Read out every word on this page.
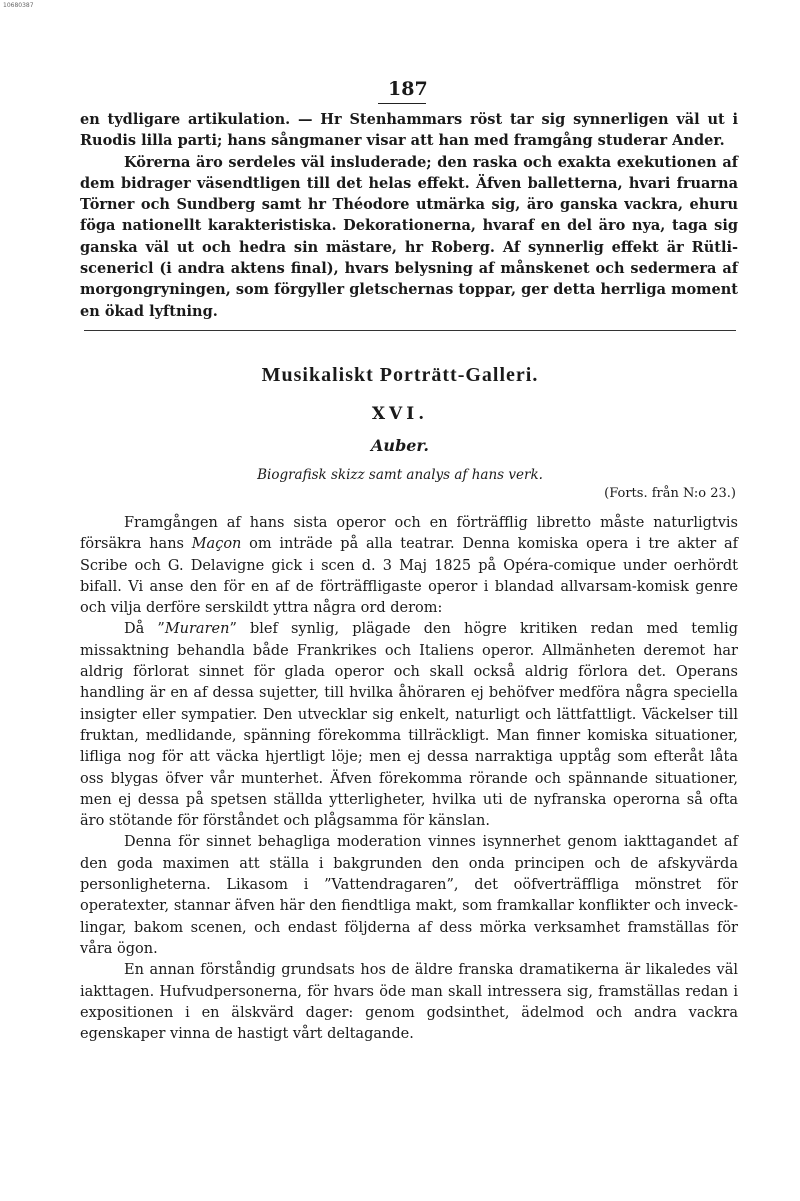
10680387
187

en tydligare artikulation. — Hr Stenhammars röst tar sig synnerligen väl ut i Ruodis lilla parti; hans sångmaner visar att han med framgång studerar Ander.

Körerna äro serdeles väl insluderade; den raska och exakta exekutionen af dem bidrager väsendtligen till det helas effekt. Äfven balletterna, hvari fruarna Törner och Sundberg samt hr Théodore utmärka sig, äro ganska vackra, ehuru föga nationellt karakteristiska. Dekorationerna, hvaraf en del äro nya, taga sig ganska väl ut och hedra sin mästare, hr Roberg. Af synnerlig effekt är Rütli-scenericl (i andra aktens final), hvars belysning af månskenet och sedermera af morgongryningen, som förgyller gletschernas toppar, ger detta herrliga moment en ökad lyftning.

Musikaliskt Porträtt-Galleri.
XVI.
Auber.
Biografisk skizz samt analys af hans verk.
(Forts. från N:o 23.)

Framgången af hans sista operor och en förträfflig libretto måste naturligtvis försäkra hans Maçon om inträde på alla teatrar. Denna komiska opera i tre akter af Scribe och G. Delavigne gick i scen d. 3 Maj 1825 på Opéra-comique under oerhördt bifall. Vi anse den för en af de förträffligaste operor i blandad allvarsam-komisk genre och vilja derföre serskildt yttra några ord derom:

Då ”Muraren” blef synlig, plägade den högre kritiken redan med temlig missaktning behandla både Frankrikes och Italiens operor. Allmänheten deremot har aldrig förlorat sinnet för glada operor och skall också aldrig förlora det. Operans handling är en af dessa sujetter, till hvilka åhöraren ej behöfver medföra några speciella insigter eller sympatier. Den utvecklar sig enkelt, naturligt och lättfattligt. Väckelser till fruktan, medlidande, spänning förekomma tillräckligt. Man finner komiska situationer, lifliga nog för att väcka hjertligt löje; men ej dessa narraktiga upptåg som efteråt låta oss blygas öfver vår munterhet. Äfven förekomma rörande och spännande situationer, men ej dessa på spetsen ställda ytterligheter, hvilka uti de nyfranska operorna så ofta äro stötande för förståndet och plågsamma för känslan.

Denna för sinnet behagliga moderation vinnes isynnerhet genom iakttagandet af den goda maximen att ställa i bakgrunden den onda principen och de afskyvärda personligheterna. Likasom i ”Vattendragaren”, det oöfverträffliga mönstret för operatexter, stannar äfven här den fiendtliga makt, som framkallar konflikter och invecklingar, bakom scenen, och endast följderna af dess mörka verksamhet framställas för våra ögon.

En annan förståndig grundsats hos de äldre franska dramatikerna är likaledes väl iakttagen. Hufvudpersonerna, för hvars öde man skall intressera sig, framställas redan i expositionen i en älskvärd dager: genom godsinthet, ädelmod och andra vackra egenskaper vinna de hastigt vårt deltagande.
